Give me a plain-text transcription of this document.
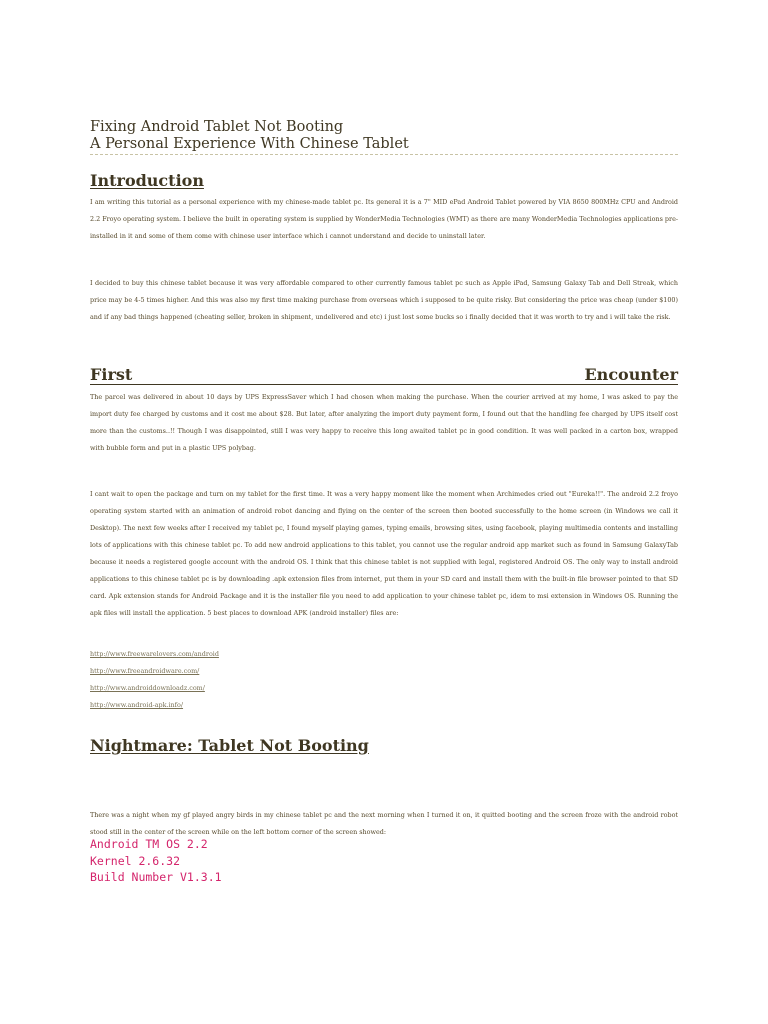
Fixing Android Tablet Not Booting
A Personal Experience With Chinese Tablet
Introduction

I am writing this tutorial as a personal experience with my chinese-made tablet pc. Its general it is a 7" MID ePad Android Tablet powered by VIA 8650 800MHz CPU and Android 2.2 Froyo operating system. I believe the built in operating system is supplied by WonderMedia Technologies (WMT) as there are many WonderMedia Technologies applications pre-installed in it and some of them come with chinese user interface which i cannot understand and decide to uninstall later.

I decided to buy this chinese tablet because it was very affordable compared to other currently famous tablet pc such as Apple iPad, Samsung Galaxy Tab and Dell Streak, which price may be 4-5 times higher. And this was also my first time making purchase from overseas which i supposed to be quite risky. But considering the price was cheap (under $100) and if any bad things happened (cheating seller, broken in shipment, undelivered and etc) i just lost some bucks so i finally decided that it was worth to try and i will take the risk.

First	Encounter

The parcel was delivered in about 10 days by UPS ExpressSaver which I had chosen when making the purchase. When the courier arrived at my home, I was asked to pay the import duty fee charged by customs and it cost me about $28. But later, after analyzing the import duty payment form, I found out that the handling fee charged by UPS itself cost more than the customs..!! Though I was disappointed, still I was very happy to receive this long awaited tablet pc in good condition. It was well packed in a carton box, wrapped with bubble form and put in a plastic UPS polybag.

I cant wait to open the package and turn on my tablet for the first time. It was a very happy moment like the moment when Archimedes cried out "Eureka!!". The android 2.2 froyo operating system started with an animation of android robot dancing and flying on the center of the screen then booted successfully to the home screen (in Windows we call it Desktop). The next few weeks after I received my tablet pc, I found myself playing games, typing emails, browsing sites, using facebook, playing multimedia contents and installing lots of applications with this chinese tablet pc. To add new android applications to this tablet, you cannot use the regular android app market such as found in Samsung GalaxyTab because it needs a registered google account with the android OS. I think that this chinese tablet is not supplied with legal, registered Android OS. The only way to install android applications to this chinese tablet pc is by downloading .apk extension files from internet, put them in your SD card and install them with the built-in file browser pointed to that SD card. Apk extension stands for Android Package and it is the installer file you need to add application to your chinese tablet pc, idem to msi extension in Windows OS. Running the apk files will install the application. 5 best places to download APK (android installer) files are:

http://www.freewarelovers.com/android
http://www.freeandroidware.com/
http://www.androiddownloadz.com/
http://www.android-apk.info/
Nightmare: Tablet Not Booting

There was a night when my gf played angry birds in my chinese tablet pc and the next morning when I turned it on, it quitted booting and the screen froze with the android robot stood still in the center of the screen while on the left bottom corner of the screen showed:

Android TM OS 2.2
Kernel 2.6.32
Build Number V1.3.1
